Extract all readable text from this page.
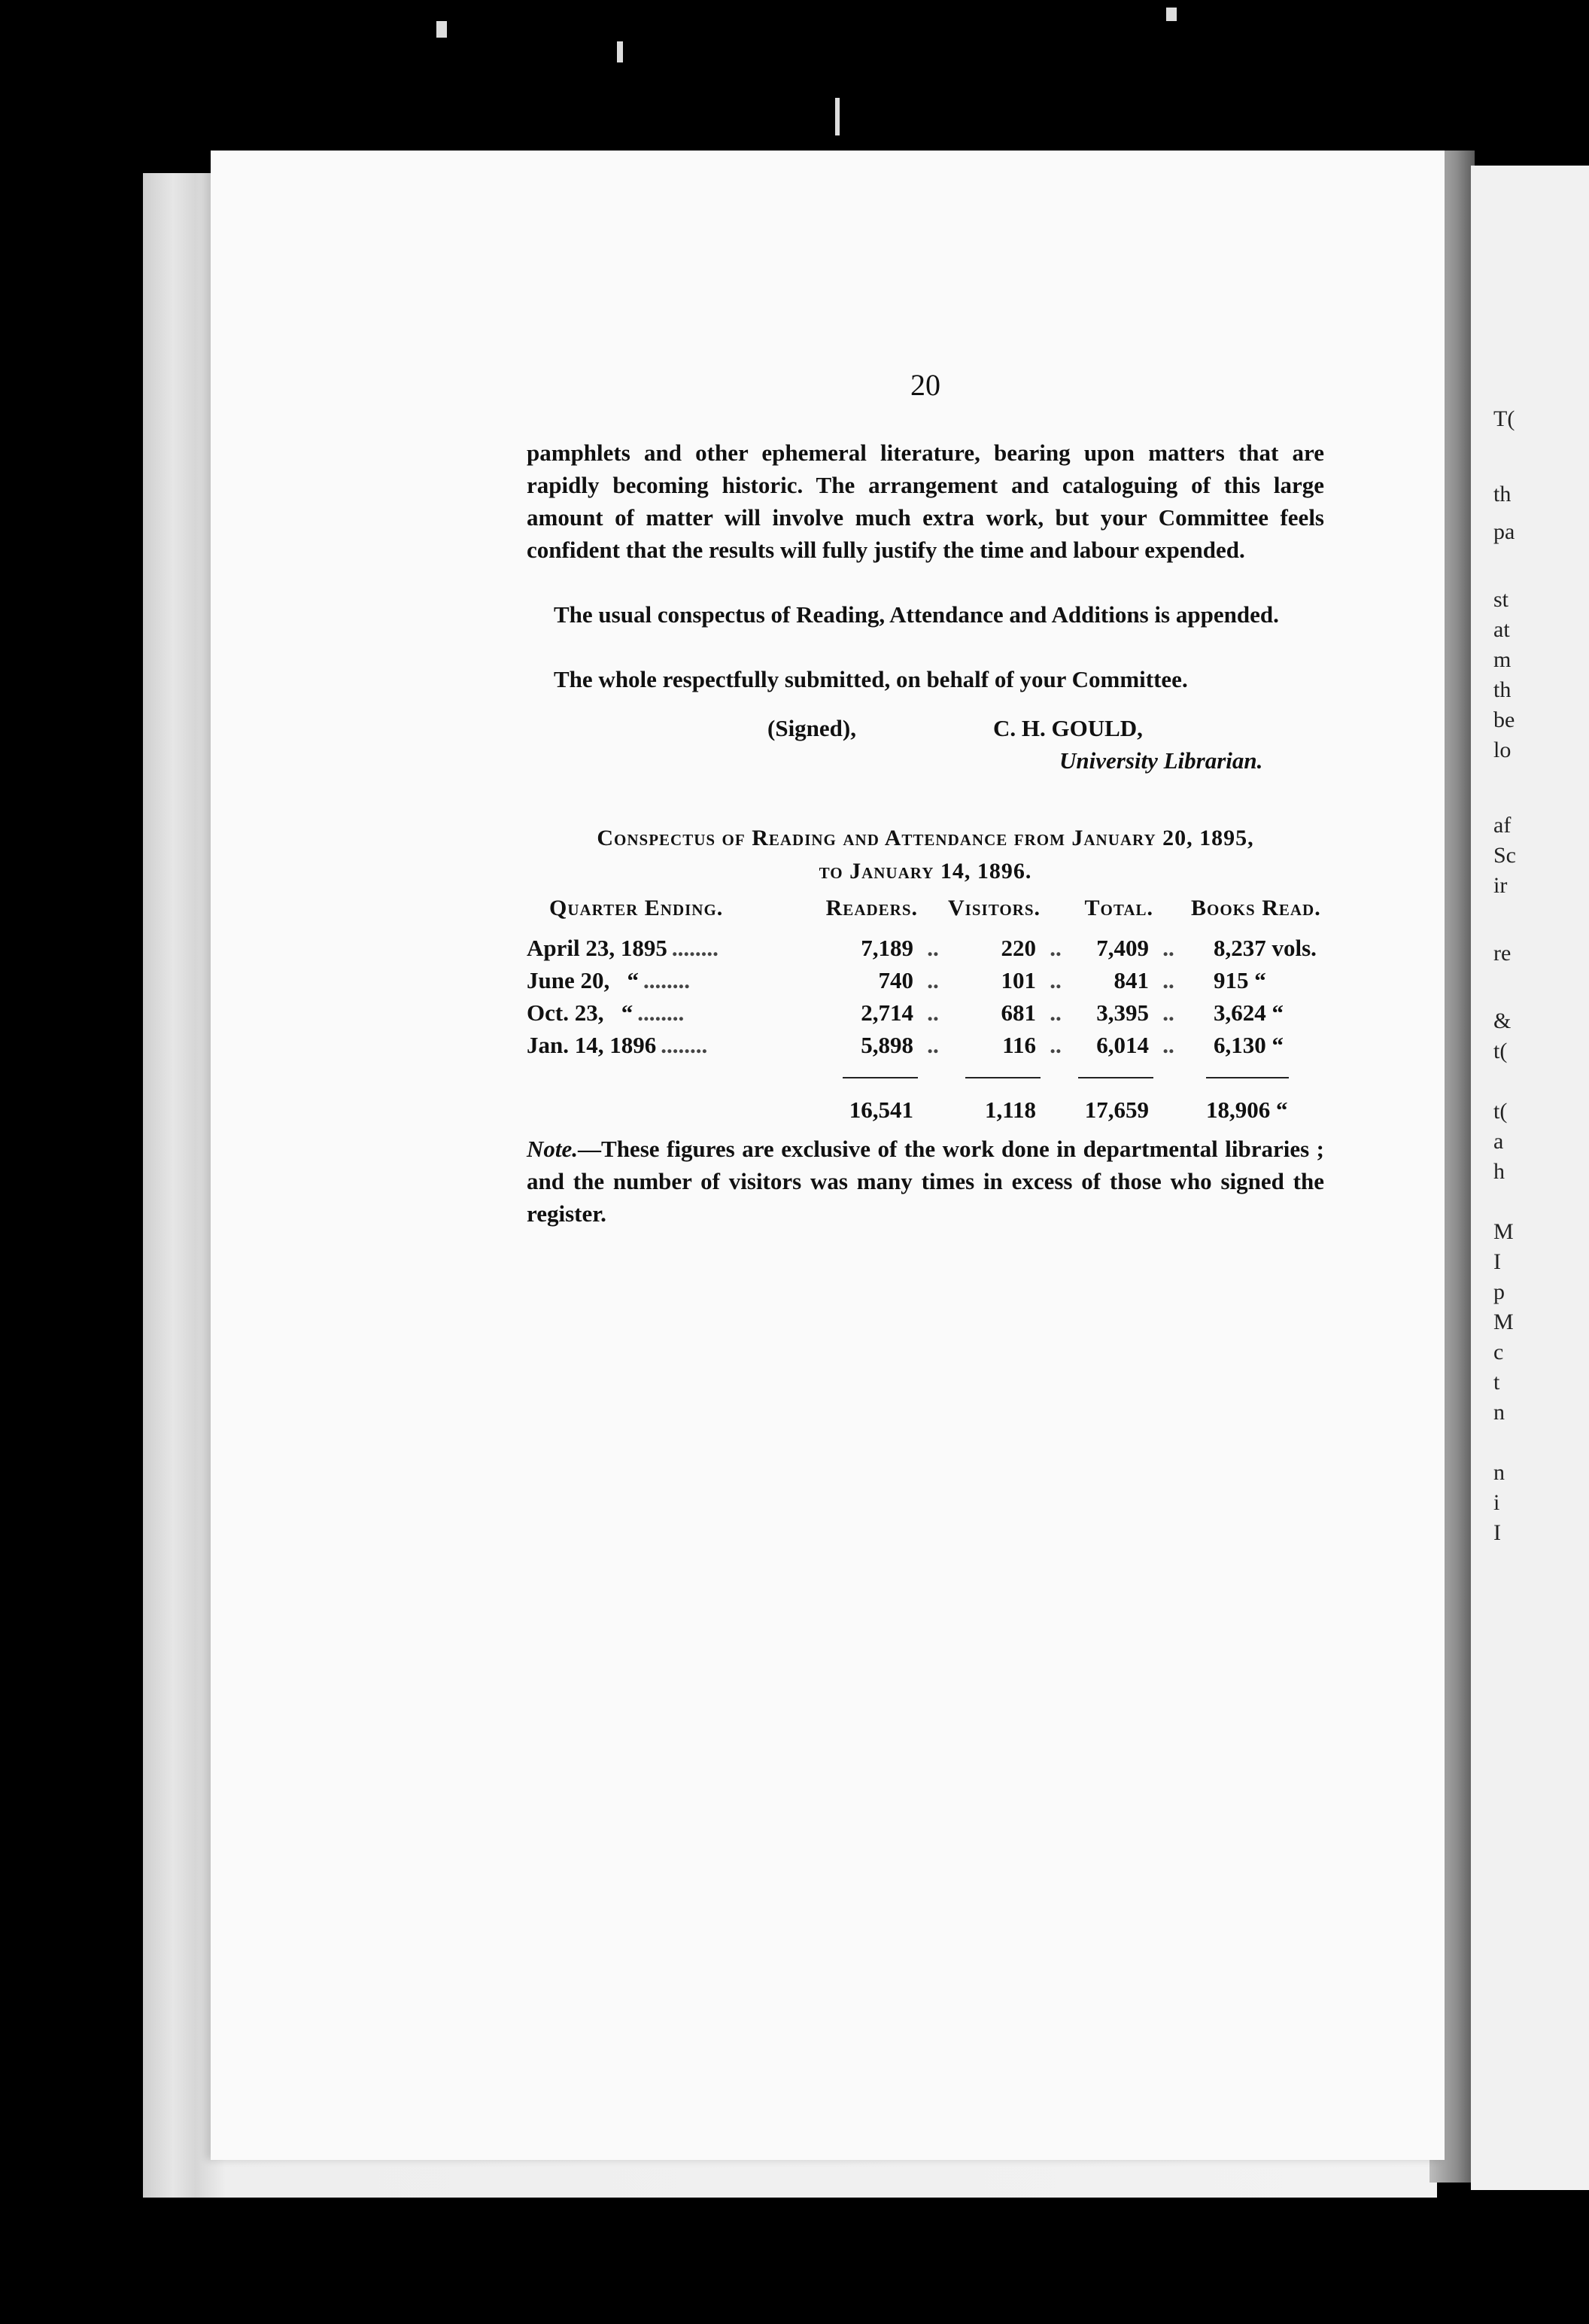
T(
th
pa
st
at
m
th
be
lo
af
Sc
ir
re
&
t(
t(
a
h
M
I
p
M
c
t
n
n
i
I
20
pamphlets and other ephemeral literature, bearing upon matters that are rapidly becoming historic. The arrangement and cataloguing of this large amount of matter will involve much extra work, but your Committee feels confident that the results will fully justify the time and labour expended.
The usual conspectus of Reading, Attendance and Additions is appended.
The whole respectfully submitted, on behalf of your Committee.
(Signed),	C. H. GOULD,
University Librarian.
Conspectus of Reading and Attendance from January 20, 1895,
to January 14, 1896.
Quarter Ending.	Readers.		Visitors.		Total.		Books Read.
April 23, 1895 ........	7,189	..	220	..	7,409	..	8,237 vols.
June 20,   “ ........	740	..	101	..	841	..	915 “
Oct. 23,   “ ........	2,714	..	681	..	3,395	..	3,624 “
Jan. 14, 1896 ........	5,898	..	116	..	6,014	..	6,130 “

	16,541		1,118		17,659		18,906 “
Note.—These figures are exclusive of the work done in departmental libraries ; and the number of visitors was many times in excess of those who signed the register.
